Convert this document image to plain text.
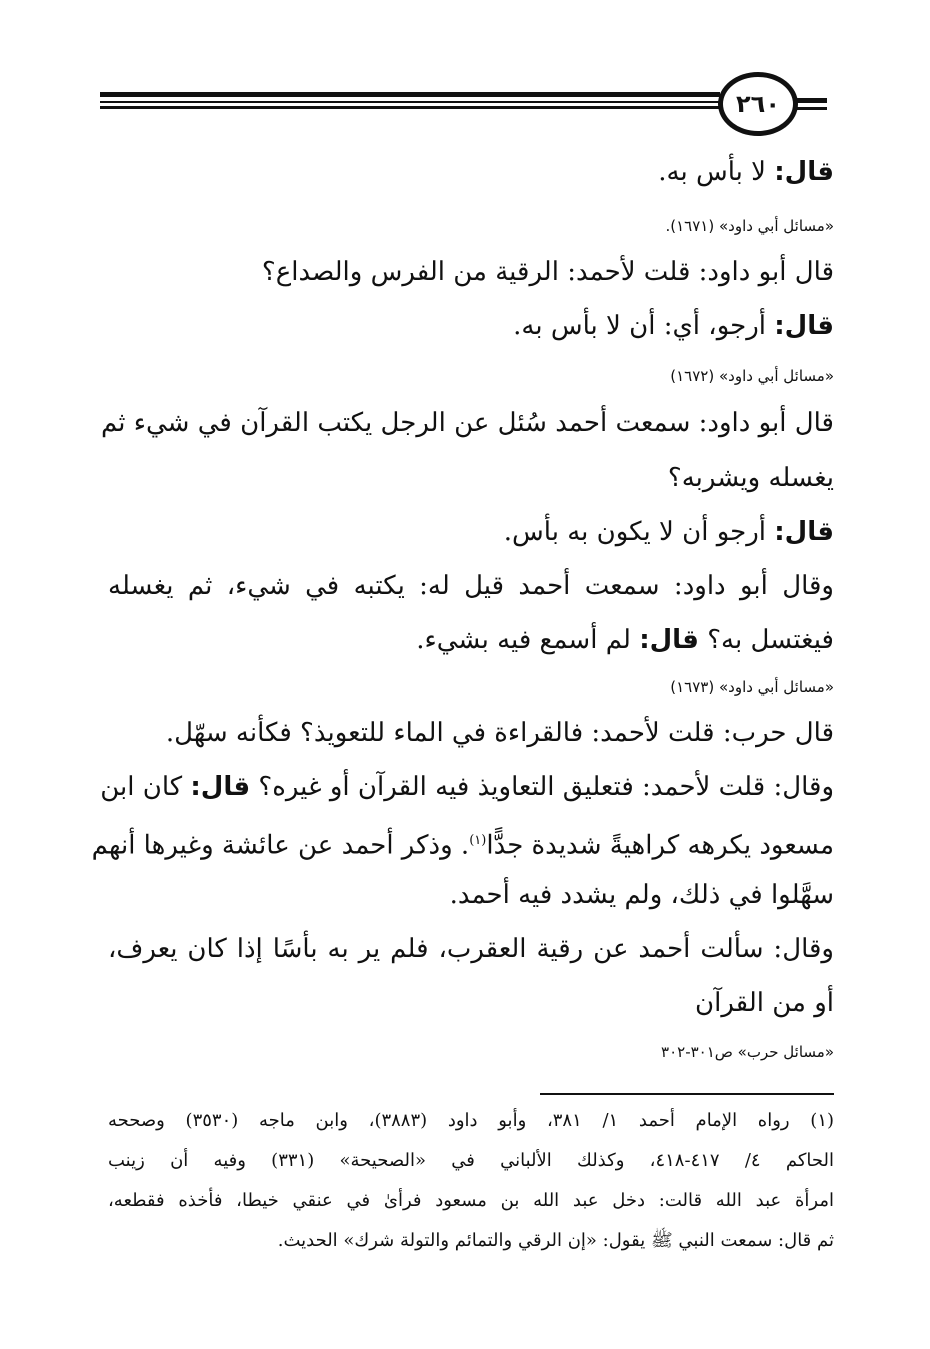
٢٦٠
قال: لا بأس به.
«مسائل أبي داود» (١٦٧١).
قال أبو داود: قلت لأحمد: الرقية من الفرس والصداع؟
قال: أرجو، أي: أن لا بأس به.
«مسائل أبي داود» (١٦٧٢)
قال أبو داود: سمعت أحمد سُئل عن الرجل يكتب القرآن في شيء ثم
يغسله ويشربه؟
قال: أرجو أن لا يكون به بأس.
وقال أبو داود: سمعت أحمد قيل له: يكتبه في شيء، ثم يغسله
فيغتسل به؟ قال: لم أسمع فيه بشيء.
«مسائل أبي داود» (١٦٧٣)
قال حرب: قلت لأحمد: فالقراءة في الماء للتعويذ؟ فكأنه سهّل.
وقال: قلت لأحمد: فتعليق التعاويذ فيه القرآن أو غيره؟ قال: كان ابن
مسعود يكرهه كراهيةً شديدة جدًّا$^{(١)}$. وذكر أحمد عن عائشة وغيرها أنهم
سهَّلوا في ذلك، ولم يشدد فيه أحمد.
وقال: سألت أحمد عن رقية العقرب، فلم ير به بأسًا إذا كان يعرف،
أو من القرآن
«مسائل حرب» ص٣٠١-٣٠٢
(١) رواه الإمام أحمد ١/ ٣٨١، وأبو داود (٣٨٨٣)، وابن ماجه (٣٥٣٠) وصححه
الحاكم ٤/ ٤١٧-٤١٨، وكذلك الألباني في «الصحيحة» (٣٣١) وفيه أن زينب
امرأة عبد الله قالت: دخل عبد الله بن مسعود فرأىٰ في عنقي خيطا، فأخذه فقطعه،
ثم قال: سمعت النبي ﷺ يقول: «إن الرقي والتمائم والتولة شرك» الحديث.
